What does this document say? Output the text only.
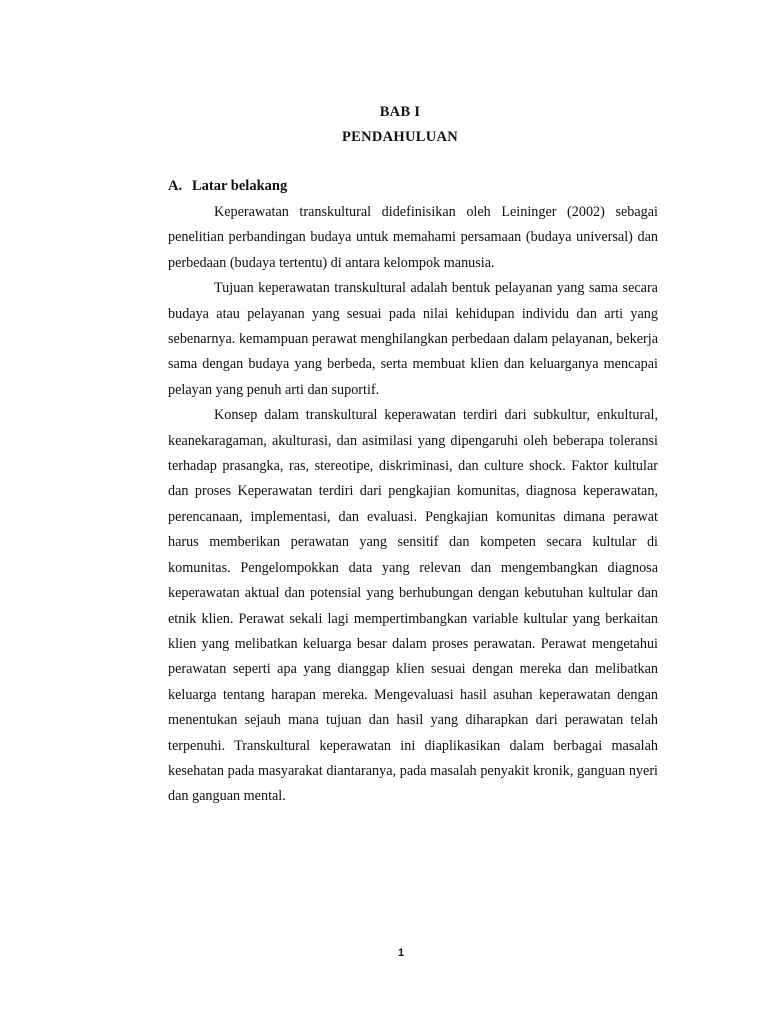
BAB I
PENDAHULUAN
A. Latar belakang

Keperawatan transkultural didefinisikan oleh Leininger (2002) sebagai penelitian perbandingan budaya untuk memahami persamaan (budaya universal) dan perbedaan (budaya tertentu) di antara kelompok manusia.

Tujuan keperawatan transkultural adalah bentuk pelayanan yang sama secara budaya atau pelayanan yang sesuai pada nilai kehidupan individu dan arti yang sebenarnya. kemampuan perawat menghilangkan perbedaan dalam pelayanan, bekerja sama dengan budaya yang berbeda, serta membuat klien dan keluarganya mencapai pelayan yang penuh arti dan suportif.

Konsep dalam transkultural keperawatan terdiri dari subkultur, enkultural, keanekaragaman, akulturasi, dan asimilasi yang dipengaruhi oleh beberapa toleransi terhadap prasangka, ras, stereotipe, diskriminasi, dan culture shock. Faktor kultular dan proses Keperawatan terdiri dari pengkajian komunitas, diagnosa keperawatan, perencanaan, implementasi, dan evaluasi. Pengkajian komunitas dimana perawat harus memberikan perawatan yang sensitif dan kompeten secara kultular di komunitas. Pengelompokkan data yang relevan dan mengembangkan diagnosa keperawatan aktual dan potensial yang berhubungan dengan kebutuhan kultular dan etnik klien. Perawat sekali lagi mempertimbangkan variable kultular yang berkaitan klien yang melibatkan keluarga besar dalam proses perawatan. Perawat mengetahui perawatan seperti apa yang dianggap klien sesuai dengan mereka dan melibatkan keluarga tentang harapan mereka. Mengevaluasi hasil asuhan keperawatan dengan menentukan sejauh mana tujuan dan hasil yang diharapkan dari perawatan telah terpenuhi. Transkultural keperawatan ini diaplikasikan dalam berbagai masalah kesehatan pada masyarakat diantaranya, pada masalah penyakit kronik, ganguan nyeri dan ganguan mental.

1
